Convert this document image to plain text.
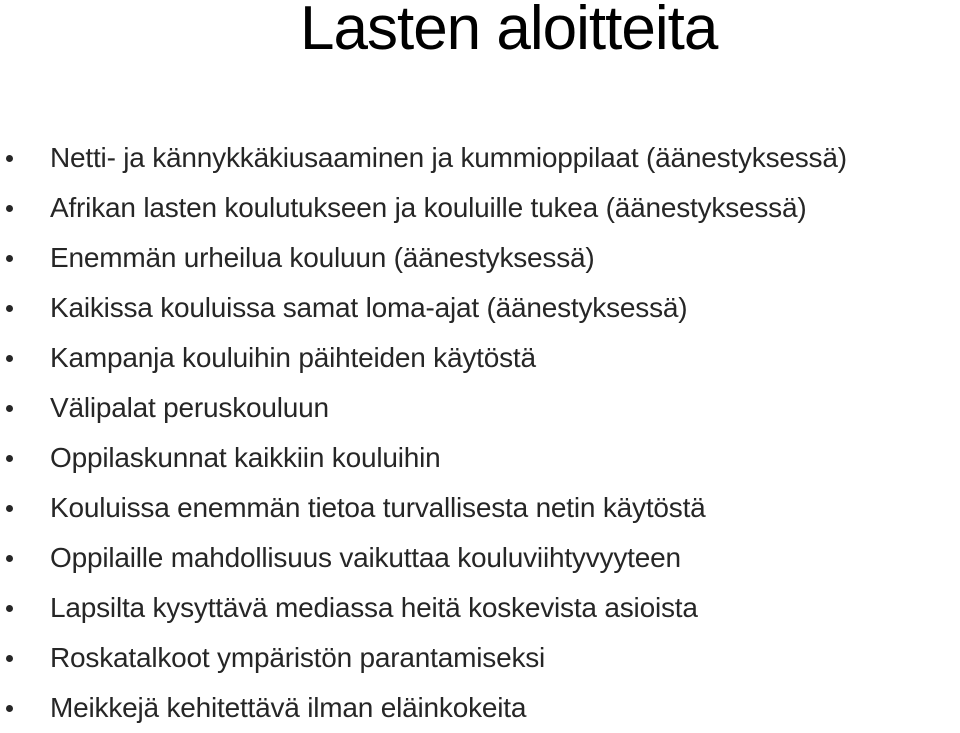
Lasten aloitteita
Netti- ja kännykkäkiusaaminen ja kummioppilaat (äänestyksessä)
Afrikan lasten koulutukseen ja kouluille tukea (äänestyksessä)
Enemmän urheilua kouluun (äänestyksessä)
Kaikissa kouluissa samat loma-ajat (äänestyksessä)
Kampanja kouluihin päihteiden käytöstä
Välipalat peruskouluun
Oppilaskunnat kaikkiin kouluihin
Kouluissa enemmän tietoa turvallisesta netin käytöstä
Oppilaille mahdollisuus vaikuttaa kouluviihtyvyyteen
Lapsilta kysyttävä mediassa heitä koskevista asioista
Roskatalkoot ympäristön parantamiseksi
Meikkejä kehitettävä ilman eläinkokeita
